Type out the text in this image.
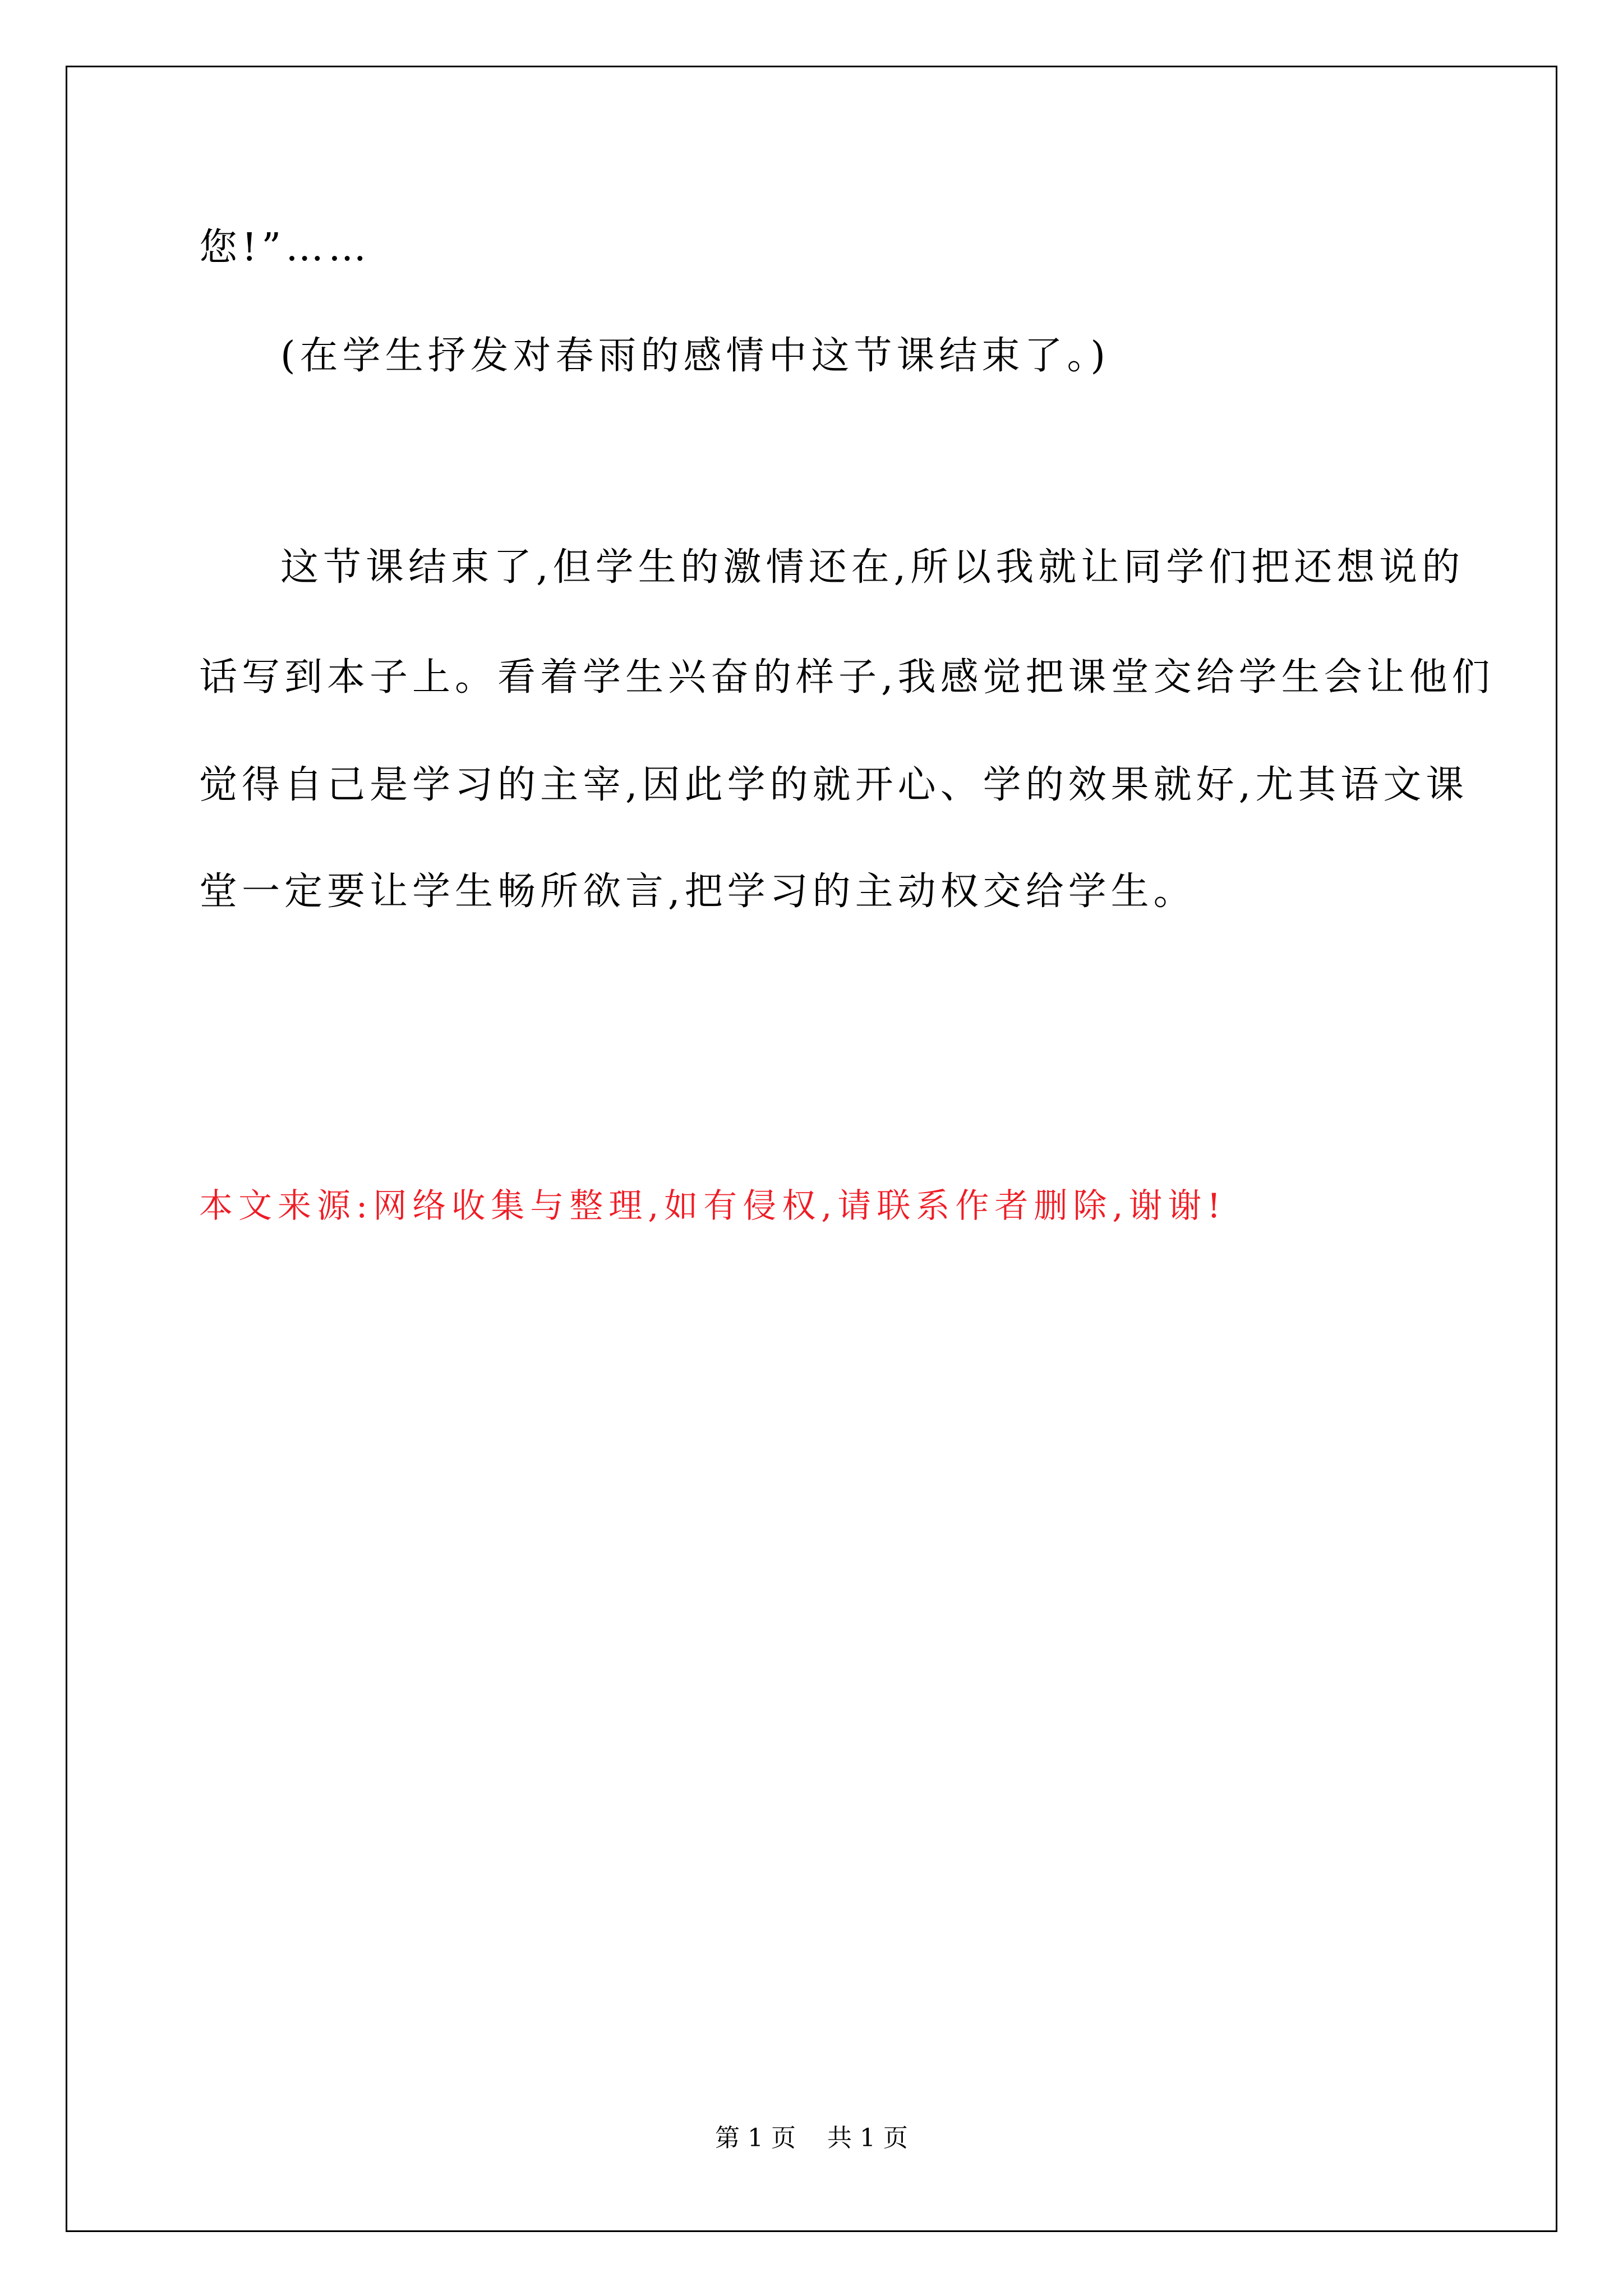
您!”……
(在学生抒发对春雨的感情中这节课结束了。)
这节课结束了,但学生的激情还在,所以我就让同学们把还想说的
话写到本子上。看着学生兴奋的样子,我感觉把课堂交给学生会让他们
觉得自己是学习的主宰,因此学的就开心、学的效果就好,尤其语文课
堂一定要让学生畅所欲言,把学习的主动权交给学生。
本文来源:网络收集与整理,如有侵权,请联系作者删除,谢谢!
第 1 页    共 1 页
